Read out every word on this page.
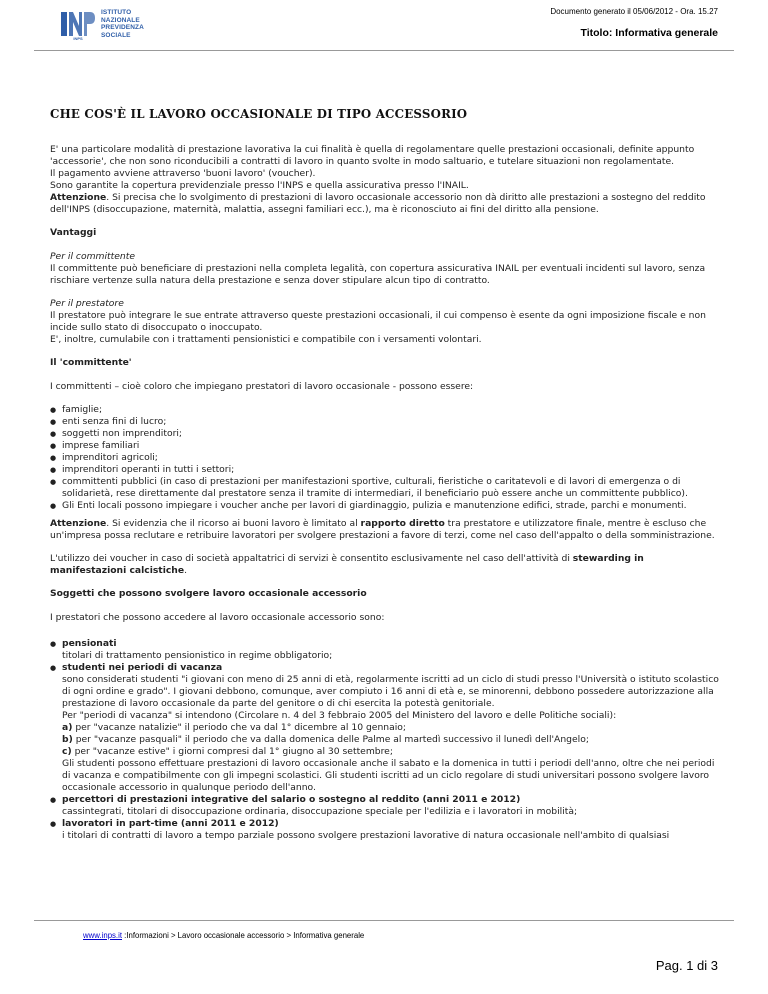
INPS
ISTITUTO
NAZIONALE
PREVIDENZA
SOCIALE
Documento generato il 05/06/2012 - Ora. 15.27
Titolo: Informativa generale
CHE COS'È IL LAVORO OCCASIONALE DI TIPO ACCESSORIO

E' una particolare modalità di prestazione lavorativa la cui finalità è quella di regolamentare quelle prestazioni occasionali, definite appunto 'accessorie', che non sono riconducibili a contratti di lavoro in quanto svolte in modo saltuario, e tutelare situazioni non regolamentate.
Il pagamento avviene attraverso 'buoni lavoro' (voucher).
Sono garantite la copertura previdenziale presso l'INPS e quella assicurativa presso l'INAIL.
Attenzione. Si precisa che lo svolgimento di prestazioni di lavoro occasionale accessorio non dà diritto alle prestazioni a sostegno del reddito dell'INPS (disoccupazione, maternità, malattia, assegni familiari ecc.), ma è riconosciuto ai fini del diritto alla pensione.

Vantaggi

Per il committente
Il committente può beneficiare di prestazioni nella completa legalità, con copertura assicurativa INAIL per eventuali incidenti sul lavoro, senza rischiare vertenze sulla natura della prestazione e senza dover stipulare alcun tipo di contratto.

Per il prestatore
Il prestatore può integrare le sue entrate attraverso queste prestazioni occasionali, il cui compenso è esente da ogni imposizione fiscale e non incide sullo stato di disoccupato o inoccupato.
E', inoltre, cumulabile con i trattamenti pensionistici e compatibile con i versamenti volontari.

Il 'committente'

I committenti – cioè coloro che impiegano prestatori di lavoro occasionale - possono essere:

● famiglie;
● enti senza fini di lucro;
● soggetti non imprenditori;
● imprese familiari
● imprenditori agricoli;
● imprenditori operanti in tutti i settori;
● committenti pubblici (in caso di prestazioni per manifestazioni sportive, culturali, fieristiche o caritatevoli e di lavori di emergenza o di solidarietà, rese direttamente dal prestatore senza il tramite di intermediari, il beneficiario può essere anche un committente pubblico).
● Gli Enti locali possono impiegare i voucher anche per lavori di giardinaggio, pulizia e manutenzione edifici, strade, parchi e monumenti.

Attenzione. Si evidenzia che il ricorso ai buoni lavoro è limitato al rapporto diretto tra prestatore e utilizzatore finale, mentre è escluso che un'impresa possa reclutare e retribuire lavoratori per svolgere prestazioni a favore di terzi, come nel caso dell'appalto o della somministrazione.

L'utilizzo dei voucher in caso di società appaltatrici di servizi è consentito esclusivamente nel caso dell'attività di stewarding in manifestazioni calcistiche.

Soggetti che possono svolgere lavoro occasionale accessorio

I prestatori che possono accedere al lavoro occasionale accessorio sono:

● pensionati
titolari di trattamento pensionistico in regime obbligatorio;
● studenti nei periodi di vacanza
sono considerati studenti "i giovani con meno di 25 anni di età, regolarmente iscritti ad un ciclo di studi presso l'Università o istituto scolastico di ogni ordine e grado". I giovani debbono, comunque, aver compiuto i 16 anni di età e, se minorenni, debbono possedere autorizzazione alla prestazione di lavoro occasionale da parte del genitore o di chi esercita la potestà genitoriale.
Per "periodi di vacanza" si intendono (Circolare n. 4 del 3 febbraio 2005 del Ministero del lavoro e delle Politiche sociali):
a) per "vacanze natalizie" il periodo che va dal 1° dicembre al 10 gennaio;
b) per "vacanze pasquali" il periodo che va dalla domenica delle Palme al martedì successivo il lunedì dell'Angelo;
c) per "vacanze estive" i giorni compresi dal 1° giugno al 30 settembre;
Gli studenti possono effettuare prestazioni di lavoro occasionale anche il sabato e la domenica in tutti i periodi dell'anno, oltre che nei periodi di vacanza e compatibilmente con gli impegni scolastici. Gli studenti iscritti ad un ciclo regolare di studi universitari possono svolgere lavoro occasionale accessorio in qualunque periodo dell'anno.
● percettori di prestazioni integrative del salario o sostegno al reddito (anni 2011 e 2012)
cassintegrati, titolari di disoccupazione ordinaria, disoccupazione speciale per l'edilizia e i lavoratori in mobilità;
● lavoratori in part-time (anni 2011 e 2012)
i titolari di contratti di lavoro a tempo parziale possono svolgere prestazioni lavorative di natura occasionale nell'ambito di qualsiasi
www.inps.it :Informazioni > Lavoro occasionale accessorio > Informativa generale
Pag. 1 di 3
